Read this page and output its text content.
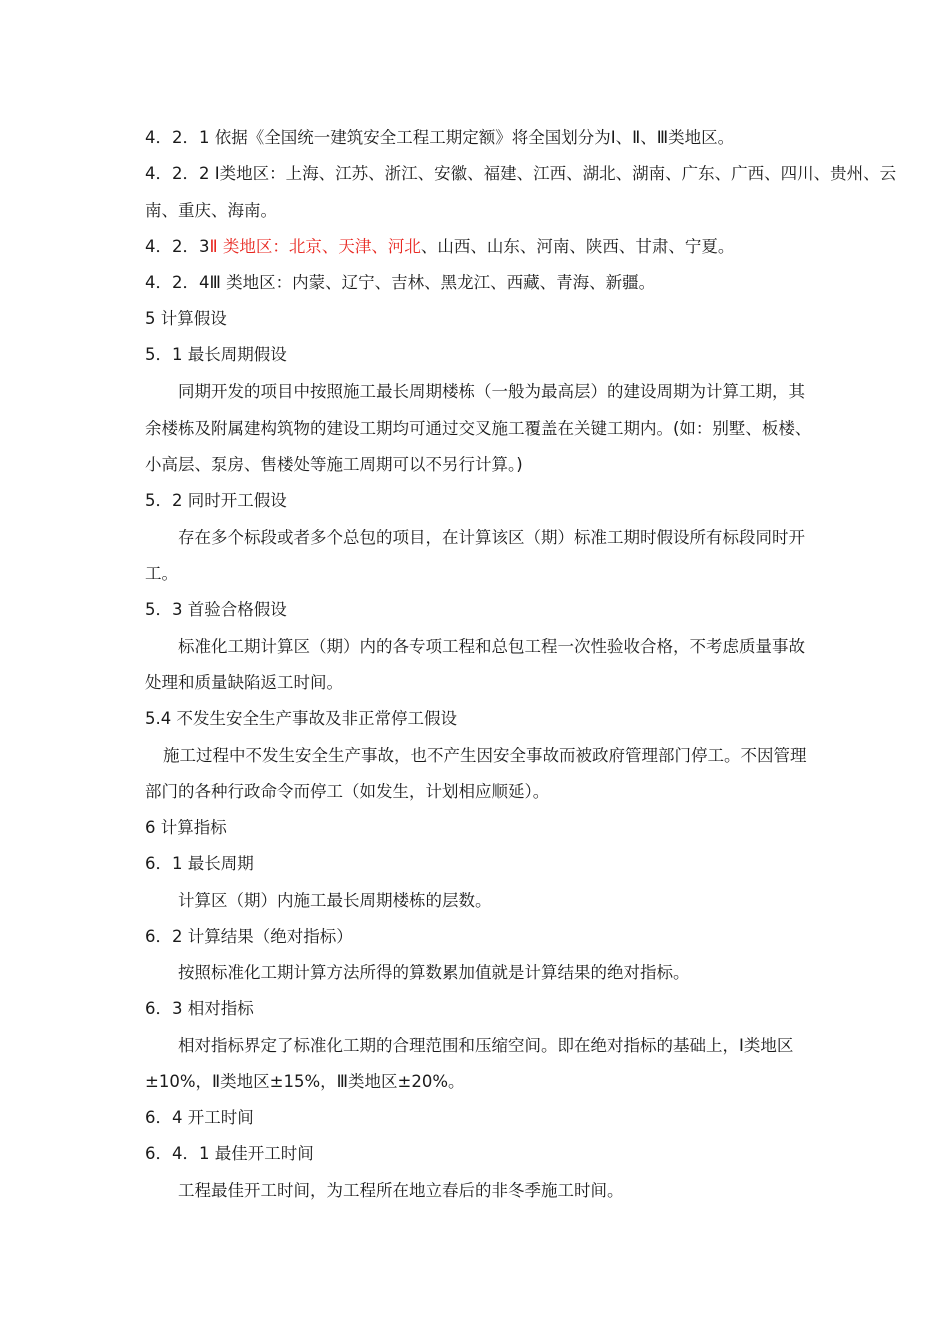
4．2．1 依据《全国统一建筑安全工程工期定额》将全国划分为Ⅰ、Ⅱ、Ⅲ类地区。
4．2．2 Ⅰ类地区：上海、江苏、浙江、安徽、福建、江西、湖北、湖南、广东、广西、四川、贵州、云
南、重庆、海南。
4．2．3Ⅱ 类地区：北京、天津、河北、山西、山东、河南、陕西、甘肃、宁夏。
4．2．4Ⅲ 类地区：内蒙、辽宁、吉林、黑龙江、西藏、青海、新疆。
5 计算假设
5．1 最长周期假设
同期开发的项目中按照施工最长周期楼栋（一般为最高层）的建设周期为计算工期，其
余楼栋及附属建构筑物的建设工期均可通过交叉施工覆盖在关键工期内。(如：别墅、板楼、
小高层、泵房、售楼处等施工周期可以不另行计算。)
5．2 同时开工假设
存在多个标段或者多个总包的项目，在计算该区（期）标准工期时假设所有标段同时开
工。
5．3 首验合格假设
标准化工期计算区（期）内的各专项工程和总包工程一次性验收合格，不考虑质量事故
处理和质量缺陷返工时间。
5.4 不发生安全生产事故及非正常停工假设
施工过程中不发生安全生产事故，也不产生因安全事故而被政府管理部门停工。不因管理
部门的各种行政命令而停工（如发生，计划相应顺延）。
6 计算指标
6．1 最长周期
计算区（期）内施工最长周期楼栋的层数。
6．2 计算结果（绝对指标）
按照标准化工期计算方法所得的算数累加值就是计算结果的绝对指标。
6．3 相对指标
相对指标界定了标准化工期的合理范围和压缩空间。即在绝对指标的基础上，Ⅰ类地区
±10%，Ⅱ类地区±15%，Ⅲ类地区±20%。
6．4 开工时间
6．4．1 最佳开工时间
工程最佳开工时间，为工程所在地立春后的非冬季施工时间。
